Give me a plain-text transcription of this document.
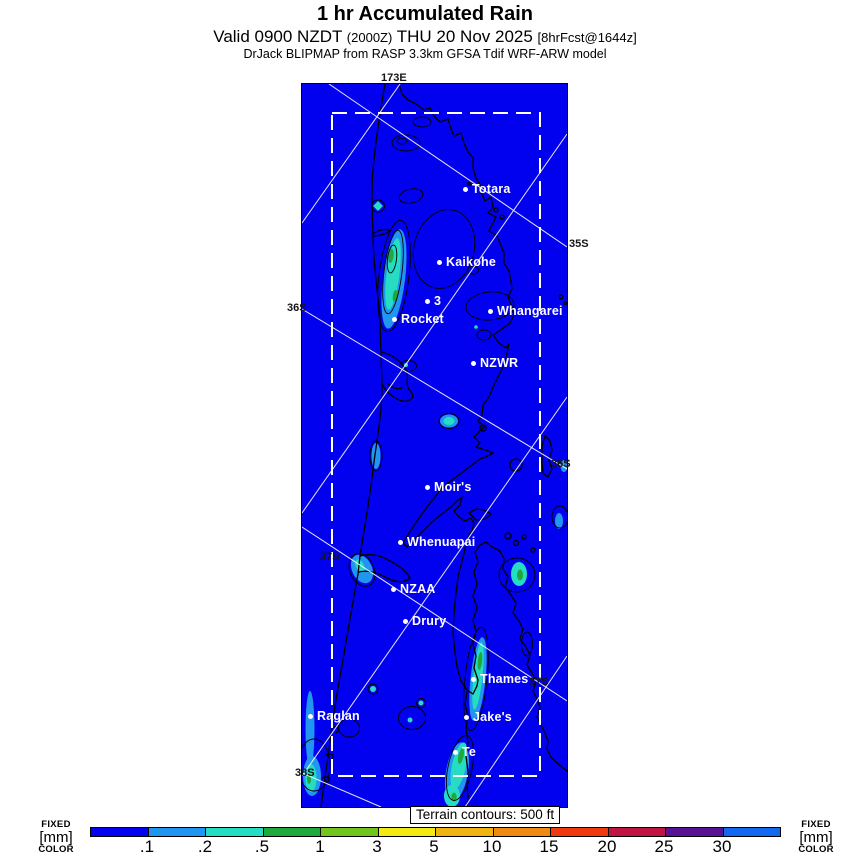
1 hr Accumulated Rain
Valid 0900 NZDT (2000Z) THU 20 Nov 2025 [8hrFcst@1644z]
DrJack BLIPMAP from RASP 3.3km GFSA Tdif WRF-ARW model
Totara
Kaikohe
3
Rocket
Whangarei
NZWR
Moir's
Whenuapai
NZAA
Drury
Thames
Jake's
Te
Raglan
173E
35S
36S
36S
37S
37S
38S
Terrain contours: 500 ft
.1	.2	.5	1	3	5	10 15 20 25 30
FIXED
[mm]
COLOR
FIXED
[mm]
COLOR
